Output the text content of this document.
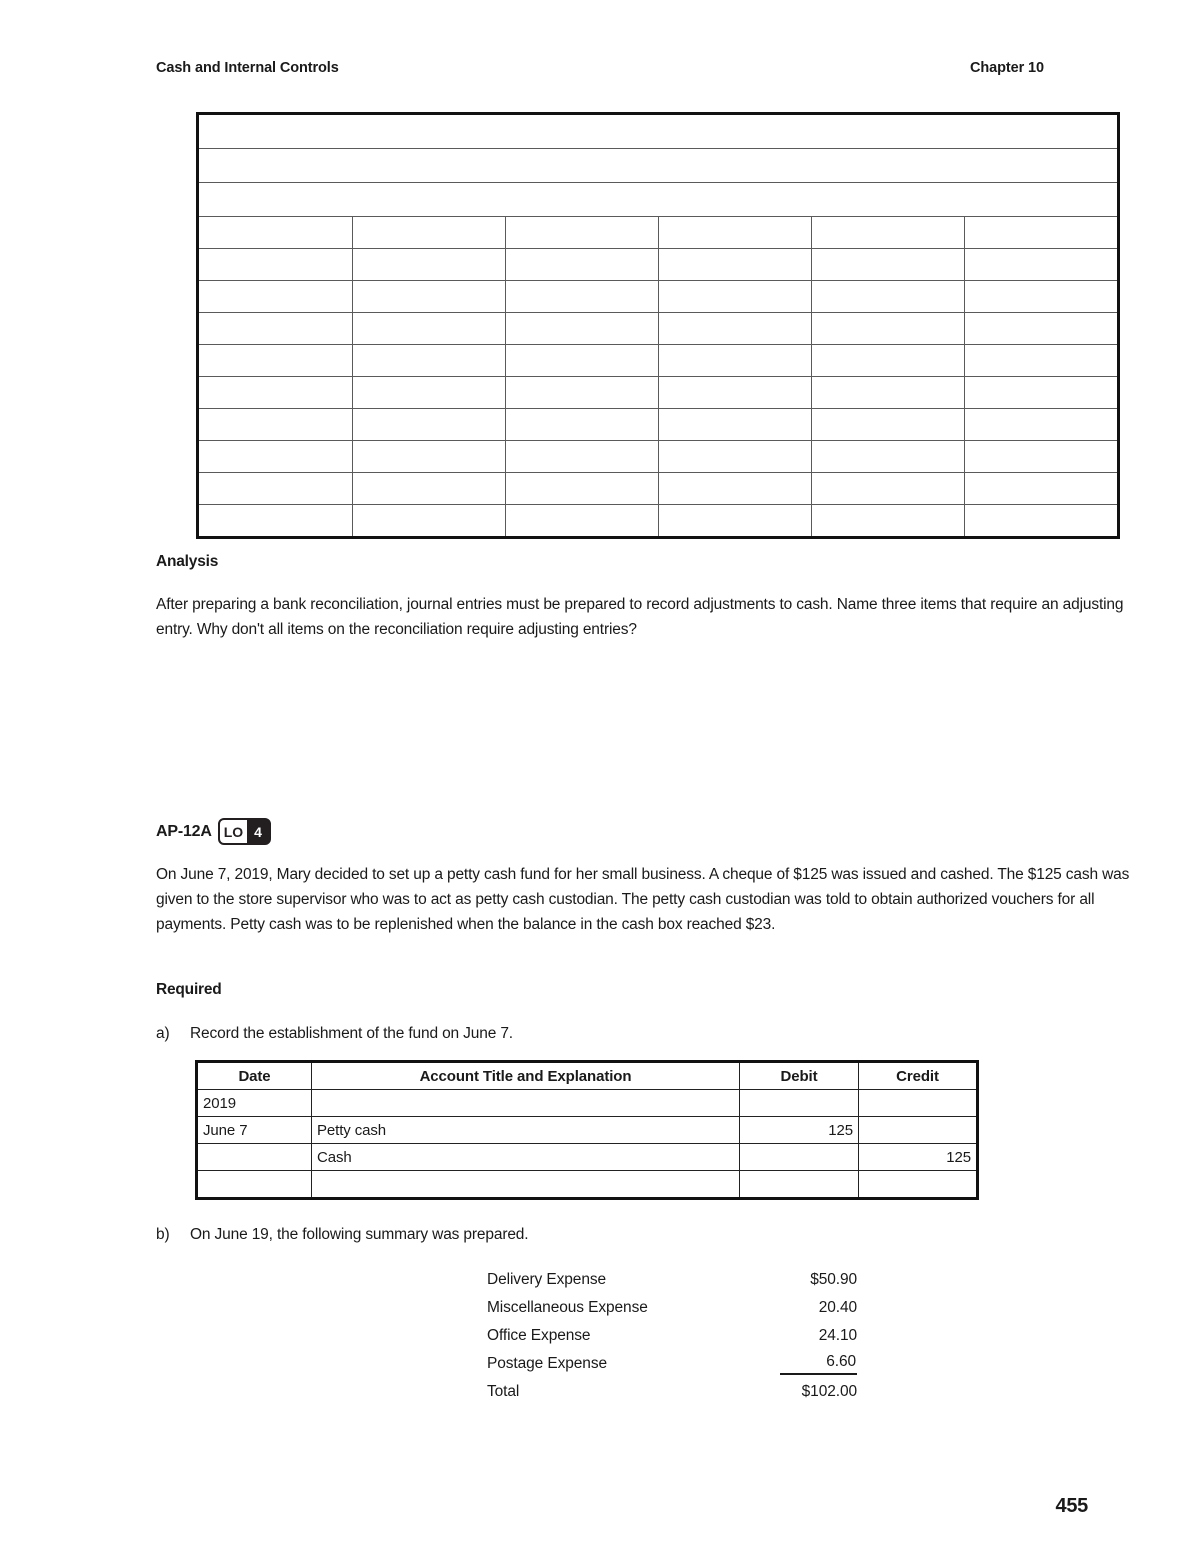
Cash and Internal Controls	Chapter 10

Analysis
After preparing a bank reconciliation, journal entries must be prepared to record adjustments to cash. Name three items that require an adjusting entry. Why don't all items on the reconciliation require adjusting entries?
AP-12A LO 4
On June 7, 2019, Mary decided to set up a petty cash fund for her small business. A cheque of $125 was issued and cashed. The $125 cash was given to the store supervisor who was to act as petty cash custodian. The petty cash custodian was told to obtain authorized vouchers for all payments. Petty cash was to be replenished when the balance in the cash box reached $23.
Required
a) Record the establishment of the fund on June 7.
Date	Account Title and Explanation	Debit	Credit
2019			
June 7	Petty cash	125	
	Cash		125

b) On June 19, the following summary was prepared.
Delivery Expense	$50.90
Miscellaneous Expense	20.40
Office Expense	24.10
Postage Expense	6.60
Total	$102.00
455
